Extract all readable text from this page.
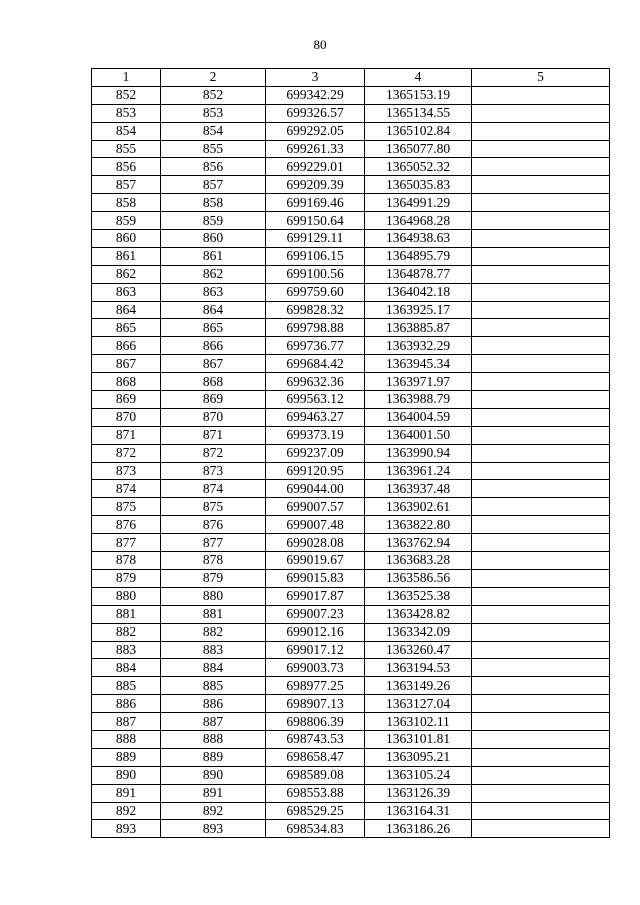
80
1	2	3	4	5
852	852	699342.29	1365153.19	
853	853	699326.57	1365134.55	
854	854	699292.05	1365102.84	
855	855	699261.33	1365077.80	
856	856	699229.01	1365052.32	
857	857	699209.39	1365035.83	
858	858	699169.46	1364991.29	
859	859	699150.64	1364968.28	
860	860	699129.11	1364938.63	
861	861	699106.15	1364895.79	
862	862	699100.56	1364878.77	
863	863	699759.60	1364042.18	
864	864	699828.32	1363925.17	
865	865	699798.88	1363885.87	
866	866	699736.77	1363932.29	
867	867	699684.42	1363945.34	
868	868	699632.36	1363971.97	
869	869	699563.12	1363988.79	
870	870	699463.27	1364004.59	
871	871	699373.19	1364001.50	
872	872	699237.09	1363990.94	
873	873	699120.95	1363961.24	
874	874	699044.00	1363937.48	
875	875	699007.57	1363902.61	
876	876	699007.48	1363822.80	
877	877	699028.08	1363762.94	
878	878	699019.67	1363683.28	
879	879	699015.83	1363586.56	
880	880	699017.87	1363525.38	
881	881	699007.23	1363428.82	
882	882	699012.16	1363342.09	
883	883	699017.12	1363260.47	
884	884	699003.73	1363194.53	
885	885	698977.25	1363149.26	
886	886	698907.13	1363127.04	
887	887	698806.39	1363102.11	
888	888	698743.53	1363101.81	
889	889	698658.47	1363095.21	
890	890	698589.08	1363105.24	
891	891	698553.88	1363126.39	
892	892	698529.25	1363164.31	
893	893	698534.83	1363186.26	
